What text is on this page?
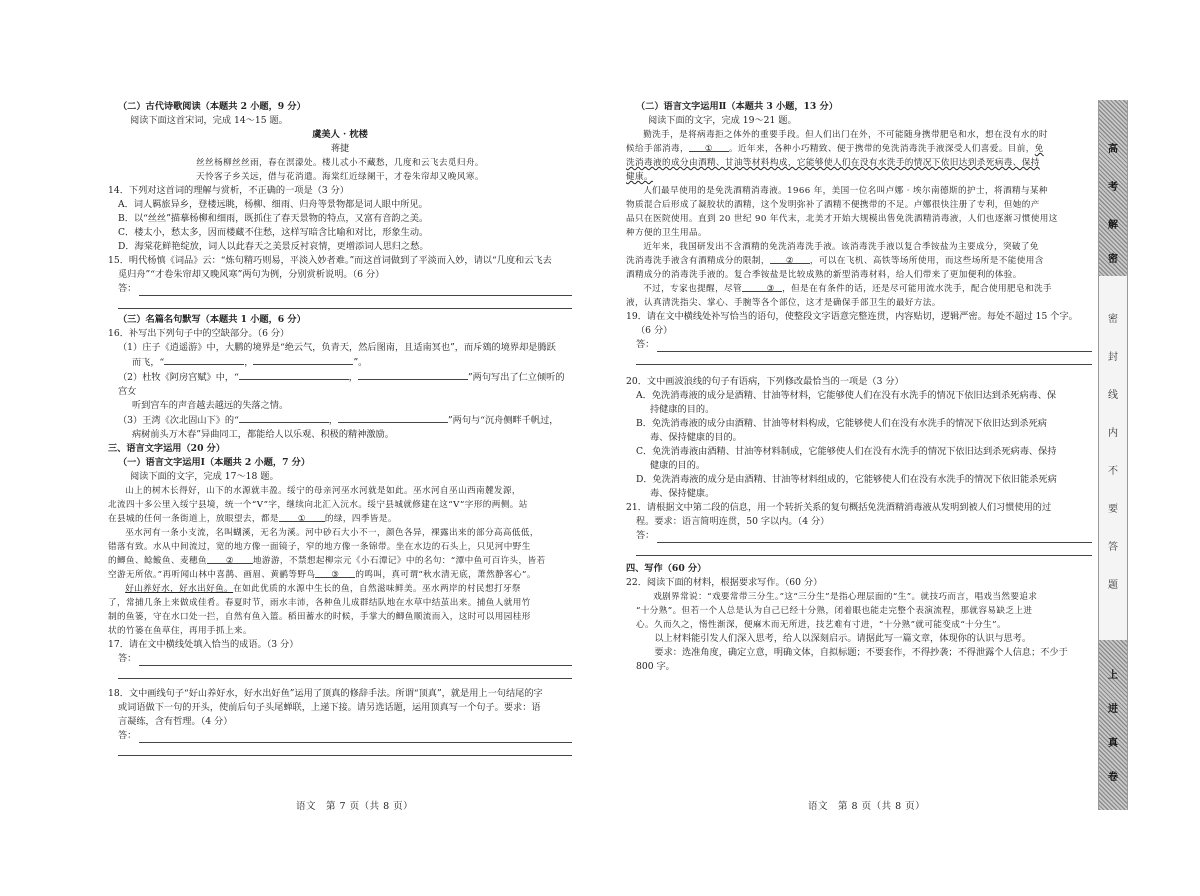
（二）古代诗歌阅读（本题共 2 小题，9 分）

阅读下面这首宋词，完成 14～15 题。

虞美人 · 枕楼

蒋捷

丝丝杨柳丝丝雨，春在溟濛处。楼儿忒小不藏愁，几度和云飞去觅归舟。

天怜客子乡关远，借与花消遣。海棠红近绿阑干，才卷朱帘却又晚风寒。

14．下列对这首词的理解与赏析，不正确的一项是（3 分）

A．词人羁旅异乡，登楼远眺，杨柳、细雨、归舟等景物都是词人眼中所见。

B．以“丝丝”描摹杨柳和细雨，既抓住了春天景物的特点，又富有音韵之美。

C．楼太小，愁太多，因而楼藏不住愁，这样写暗含比喻和对比，形象生动。

D．海棠花鲜艳绽放，词人以此春天之美景反衬哀情，更增添词人思归之愁。

15．明代杨慎《词品》云：“炼句精巧则易，平淡入妙者难。”而这首词做到了平淡而入妙，请以“几度和云飞去

觅归舟”“才卷朱帘却又晚风寒”两句为例，分别赏析说明。（6 分）

答：

（三）名篇名句默写（本题共 1 小题，6 分）

16．补写出下列句子中的空缺部分。（6 分）

（1）庄子《逍遥游》中，大鹏的境界是“绝云气，负青天，然后图南，且适南冥也”，而斥鴳的境界却是腾跃

而飞，“	，	”。

（2）杜牧《阿房宫赋》中，“	，	”两句写出了仁立倾听的宫女

听到宫车的声音越去越远的失落之情。

（3）王湾《次北固山下》的“	，	”两句与“沉舟侧畔千帆过，

病树前头万木春”异曲同工，都能给人以乐观、积极的精神激励。

三、语言文字运用（20 分）

（一）语言文字运用Ⅰ（本题共 2 小题，7 分）

阅读下面的文字，完成 17～18 题。

山上的树木长得好，山下的水源就丰盈。绥宁的母亲河巫水河就是如此。巫水河自巫山西南麓发源，

北流四十多公里入绥宁县境，统一个“V”字，继续向北汇入沅水。绥宁县城就修建在这“V”字形的两侧。站

在县城的任何一条街道上，放眼望去，都是 ① 的绿，四季皆是。

巫水河有一条小支流，名叫蝴溪，无名为溪。河中砂石大小不一，颜色各异，裸露出来的部分高高低低，

错落有致。水从中间流过，宽的地方像一面镜子，窄的地方像一条锦带。坐在水边的石头上，只见河中野生

的鲫鱼、鲶鲅鱼、麦穗鱼 ② 地游游，不禁想起柳宗元《小石潭记》中的名句：“潭中鱼可百许头，皆若

空游无所依。”再听闻山林中喜鹊、画眉、黄鹂等野鸟 ③ 的鸣叫，真可谓“秋水清无底，萧然静客心”。

好山养好水，好水出好鱼。在如此优质的水源中生长的鱼，自然滋味鲜美。巫水两岸的村民想打牙祭

了，常捕几条上来做成佳肴。春夏时节，雨水丰沛，各种鱼儿成群结队地在水草中结茧出来。捕鱼人就用竹

制的鱼篓，守在水口处一拦，自然有鱼入篮。稻田蓄水的时候，手掌大的鲫鱼顺流而入，这时可以用园桂形

状的竹篓在鱼草住，再用手抓上来。

17．请在文中横线处填入恰当的成语。（3 分）

答：

18．文中画线句子“好山养好水，好水出好鱼”运用了顶真的修辞手法。所谓“顶真”，就是用上一句结尾的字

或词语做下一句的开头，使前后句子头尾蝉联，上递下接。请另选话题，运用顶真写一个句子。要求：语

言凝练，含有哲理。（4 分）

答：

（二）语言文字运用Ⅱ（本题共 3 小题，13 分）

阅读下面的文字，完成 19～21 题。

勤洗手，是将病毒拒之体外的重要手段。但人们出门在外，不可能随身携带肥皂和水，想在没有水的时

候给手部消毒， ① 。近年来，各种小巧精致、便于携带的免洗消毒洗手液深受人们喜爱。目前，免

洗消毒液的成分由酒精、甘油等材料构成，它能够使人们在没有水洗手的情况下依旧达到杀死病毒、保持

健康。

人们最早使用的是免洗酒精消毒液。1966 年，美国一位名叫卢娜 · 埃尔南德斯的护士，将酒精与某种

物质混合后形成了凝胶状的酒精，这个发明弥补了酒精不便携带的不足。卢娜很快注册了专利，但她的产

品只在医院使用。直到 20 世纪 90 年代末，北美才开始大规模出售免洗酒精消毒液，人们也逐渐习惯使用这

种方便的卫生用品。

近年来，我国研发出不含酒精的免洗消毒洗手液。该消毒洗手液以复合季铵盐为主要成分，突破了免

洗消毒洗手液含有酒精成分的限制， ② ，可以在飞机、高铁等场所使用，而这些场所是不能使用含

酒精成分的消毒洗手液的。复合季铵盐是比较成熟的新型消毒材料，给人们带来了更加便利的体验。

不过，专家也提醒，尽管	③ ，但是在有条件的话，还是尽可能用流水洗手，配合使用肥皂和洗手

液，认真清洗指尖、掌心、手腕等各个部位，这才是确保手部卫生的最好方法。

19．请在文中横线处补写恰当的语句，使整段文字语意完整连贯，内容贴切，逻辑严密。每处不超过 15 个字。

（6 分）

答：

20．文中画波浪线的句子有语病，下列修改最恰当的一项是（3 分）

A．免洗消毒液的成分是酒精、甘油等材料，它能够使人们在没有水洗手的情况下依旧达到杀死病毒、保

持健康的目的。

B．免洗消毒液的成分由酒精、甘油等材料构成，它能够使人们在没有水洗手的情况下依旧达到杀死病

毒、保持健康的目的。

C．免洗消毒液由酒精、甘油等材料制成，它能够使人们在没有水洗手的情况下依旧达到杀死病毒、保持

健康的目的。

D．免洗消毒液的成分是由酒精、甘油等材料组成的，它能够使人们在没有水洗手的情况下依旧能杀死病

毒、保持健康。

21．请根据文中第二段的信息，用一个转折关系的复句概括免洗酒精消毒液从发明到被人们习惯使用的过

程。要求：语言简明连贯，50 字以内。（4 分）

答：

四、写作（60 分）

22．阅读下面的材料，根据要求写作。（60 分）

戏剧界常说：“戏要常带三分生。”这“三分生”是指心理层面的“生”。就技巧而言，唱戏当然要追求

“十分熟”。但若一个人总是认为自己已经十分熟，闭着眼也能走完整个表演流程，那就容易缺乏上进

心。久而久之，惰性渐深，便麻木而无所进，技艺难有寸进，“十分熟”就可能变成“十分生”。

以上材料能引发人们深入思考，给人以深刻启示。请据此写一篇文章，体现你的认识与思考。

要求：选准角度，确定立意，明确文体，自拟标题；不要套作，不得抄袭；不得泄露个人信息；不少于

800 字。

语文　第 7 页（共 8 页）	语文　第 8 页（共 8 页）
高
考
解
密
密
封
线
内
不
要
答
题
上
进
真
卷
